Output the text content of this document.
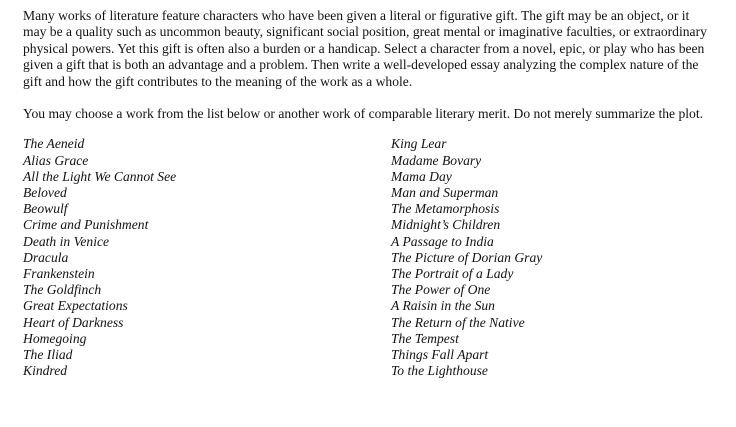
Many works of literature feature characters who have been given a literal or figurative gift. The gift may be an object, or it may be a quality such as uncommon beauty, significant social position, great mental or imaginative faculties, or extraordinary physical powers. Yet this gift is often also a burden or a handicap. Select a character from a novel, epic, or play who has been given a gift that is both an advantage and a problem. Then write a well-developed essay analyzing the complex nature of the gift and how the gift contributes to the meaning of the work as a whole.

You may choose a work from the list below or another work of comparable literary merit. Do not merely summarize the plot.

The Aeneid
Alias Grace
All the Light We Cannot See
Beloved
Beowulf
Crime and Punishment
Death in Venice
Dracula
Frankenstein
The Goldfinch
Great Expectations
Heart of Darkness
Homegoing
The Iliad
Kindred
King Lear
Madame Bovary
Mama Day
Man and Superman
The Metamorphosis
Midnight’s Children
A Passage to India
The Picture of Dorian Gray
The Portrait of a Lady
The Power of One
A Raisin in the Sun
The Return of the Native
The Tempest
Things Fall Apart
To the Lighthouse
